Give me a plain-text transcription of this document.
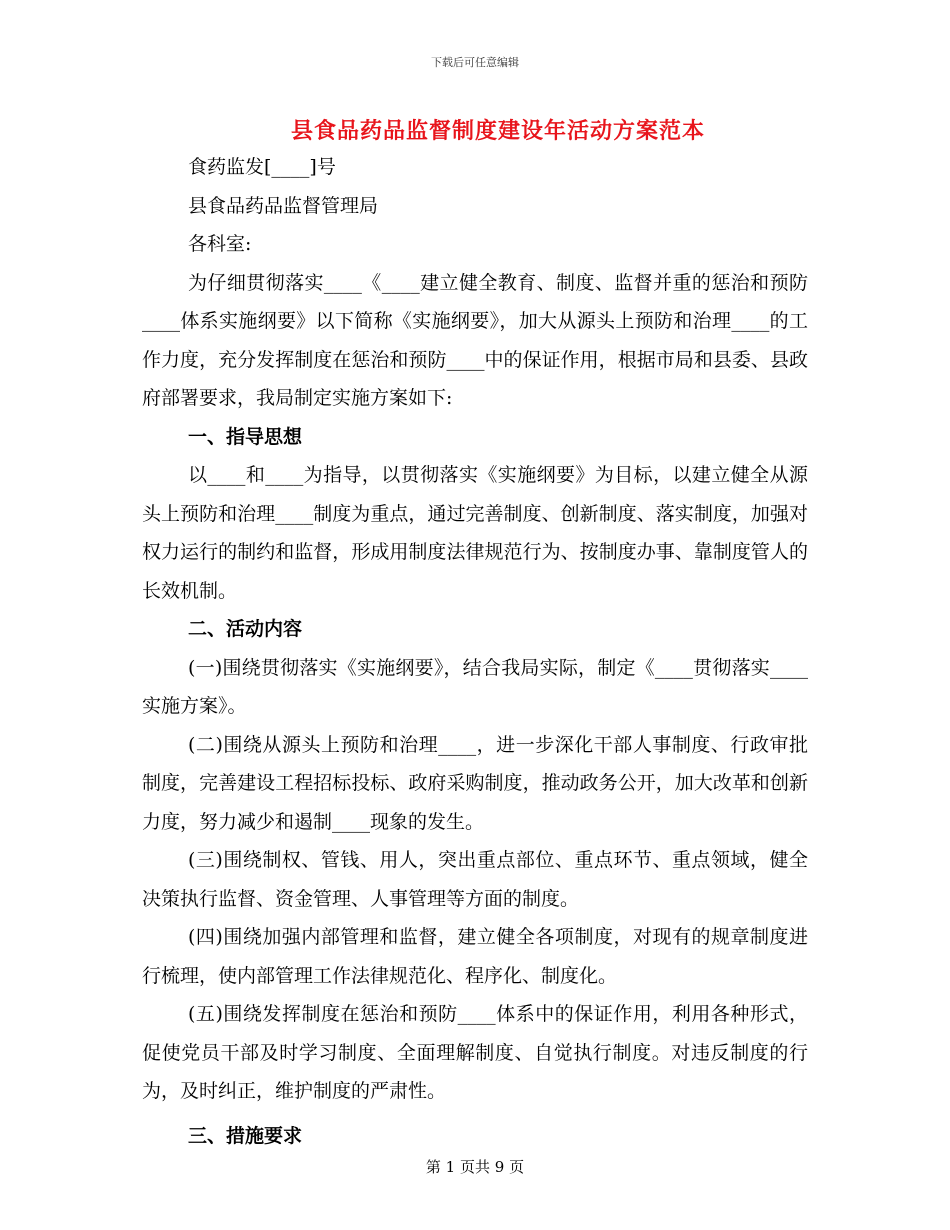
下载后可任意编辑
县食品药品监督制度建设年活动方案范本

食药监发[____]号

县食品药品监督管理局

各科室:

为仔细贯彻落实____《____建立健全教育、制度、监督并重的惩治和预防____体系实施纲要》以下简称《实施纲要》，加大从源头上预防和治理____的工作力度，充分发挥制度在惩治和预防____中的保证作用，根据市局和县委、县政府部署要求，我局制定实施方案如下:

一、指导思想

以____和____为指导，以贯彻落实《实施纲要》为目标，以建立健全从源头上预防和治理____制度为重点，通过完善制度、创新制度、落实制度，加强对权力运行的制约和监督，形成用制度法律规范行为、按制度办事、靠制度管人的长效机制。

二、活动内容

(一)围绕贯彻落实《实施纲要》，结合我局实际，制定《____贯彻落实____实施方案》。

(二)围绕从源头上预防和治理____，进一步深化干部人事制度、行政审批制度，完善建设工程招标投标、政府采购制度，推动政务公开，加大改革和创新力度，努力减少和遏制____现象的发生。

(三)围绕制权、管钱、用人，突出重点部位、重点环节、重点领域，健全决策执行监督、资金管理、人事管理等方面的制度。

(四)围绕加强内部管理和监督，建立健全各项制度，对现有的规章制度进行梳理，使内部管理工作法律规范化、程序化、制度化。

(五)围绕发挥制度在惩治和预防____体系中的保证作用，利用各种形式，促使党员干部及时学习制度、全面理解制度、自觉执行制度。对违反制度的行为，及时纠正，维护制度的严肃性。

三、措施要求

第 1 页共 9 页
